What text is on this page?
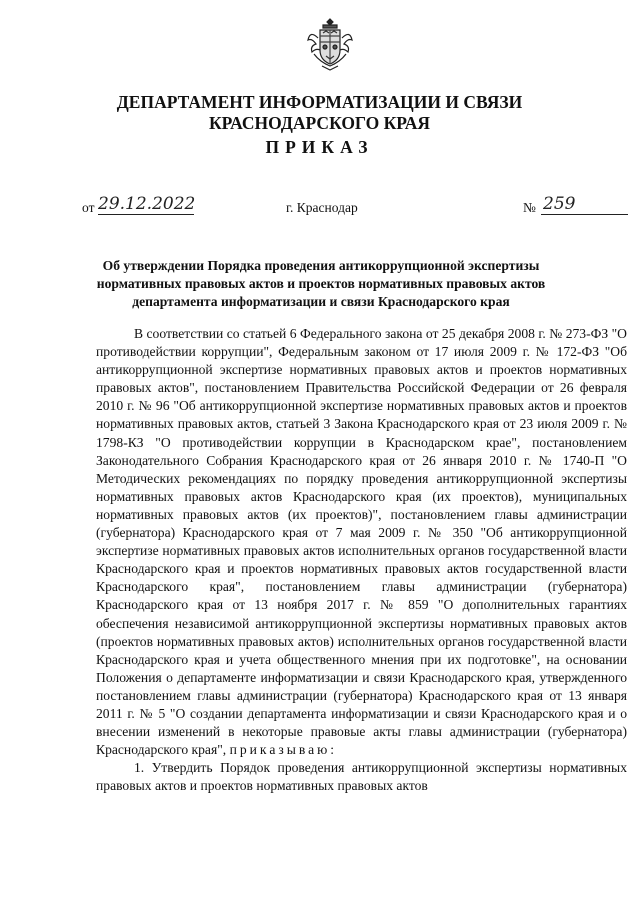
ДЕПАРТАМЕНТ ИНФОРМАТИЗАЦИИ И СВЯЗИ
КРАСНОДАРСКОГО КРАЯ
ПРИКАЗ
от 29.12.2022	г. Краснодар	№ 259
Об утверждении Порядка проведения антикоррупционной экспертизы
нормативных правовых актов и проектов нормативных правовых актов
департамента информатизации и связи Краснодарского края

В соответствии со статьей 6 Федерального закона от 25 декабря 2008 г. № 273-ФЗ "О противодействии коррупции", Федеральным законом от 17 июля 2009 г. № 172-ФЗ "Об антикоррупционной экспертизе нормативных правовых актов и проектов нормативных правовых актов", постановлением Правительства Российской Федерации от 26 февраля 2010 г. № 96 "Об антикоррупционной экспертизе нормативных правовых актов и проектов нормативных правовых актов, статьей 3 Закона Краснодарского края от 23 июля 2009 г. № 1798-КЗ "О противодействии коррупции в Краснодарском крае", постановлением Законодательного Собрания Краснодарского края от 26 января 2010 г. № 1740-П "О Методических рекомендациях по порядку проведения антикоррупционной экспертизы нормативных правовых актов Краснодарского края (их проектов), муниципальных нормативных правовых актов (их проектов)", постановлением главы администрации (губернатора) Краснодарского края от 7 мая 2009 г. № 350 "Об антикоррупционной экспертизе нормативных правовых актов исполнительных органов государственной власти Краснодарского края и проектов нормативных правовых актов государственной власти Краснодарского края", постановлением главы администрации (губернатора) Краснодарского края от 13 ноября 2017 г. № 859 "О дополнительных гарантиях обеспечения независимой антикоррупционной экспертизы нормативных правовых актов (проектов нормативных правовых актов) исполнительных органов государственной власти Краснодарского края и учета общественного мнения при их подготовке", на основании Положения о департаменте информатизации и связи Краснодарского края, утвержденного постановлением главы администрации (губернатора) Краснодарского края от 13 января 2011 г. № 5 "О создании департамента информатизации и связи Краснодарского края и о внесении изменений в некоторые правовые акты главы администрации (губернатора) Краснодарского края", приказываю:

1. Утвердить Порядок проведения антикоррупционной экспертизы нормативных правовых актов и проектов нормативных правовых актов
